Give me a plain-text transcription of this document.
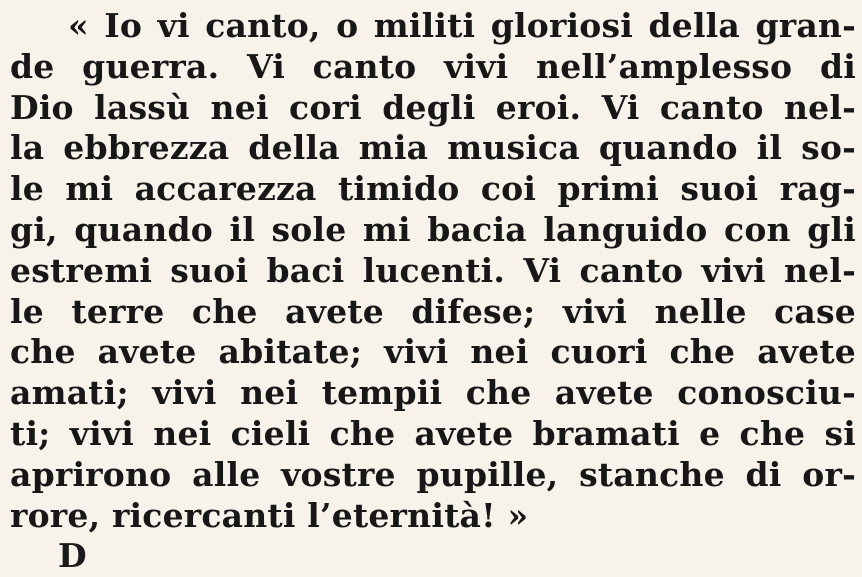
« Io vi canto, o militi gloriosi della gran-
de guerra. Vi canto vivi nell’amplesso di
Dio lassù nei cori degli eroi. Vi canto nel-
la ebbrezza della mia musica quando il so-
le mi accarezza timido coi primi suoi rag-
gi, quando il sole mi bacia languido con gli
estremi suoi baci lucenti. Vi canto vivi nel-
le terre che avete difese; vivi nelle case
che avete abitate; vivi nei cuori che avete
amati; vivi nei tempii che avete conosciu-
ti; vivi nei cieli che avete bramati e che si
aprirono alle vostre pupille, stanche di or-
rore, ricercanti l’eternità! »
D
